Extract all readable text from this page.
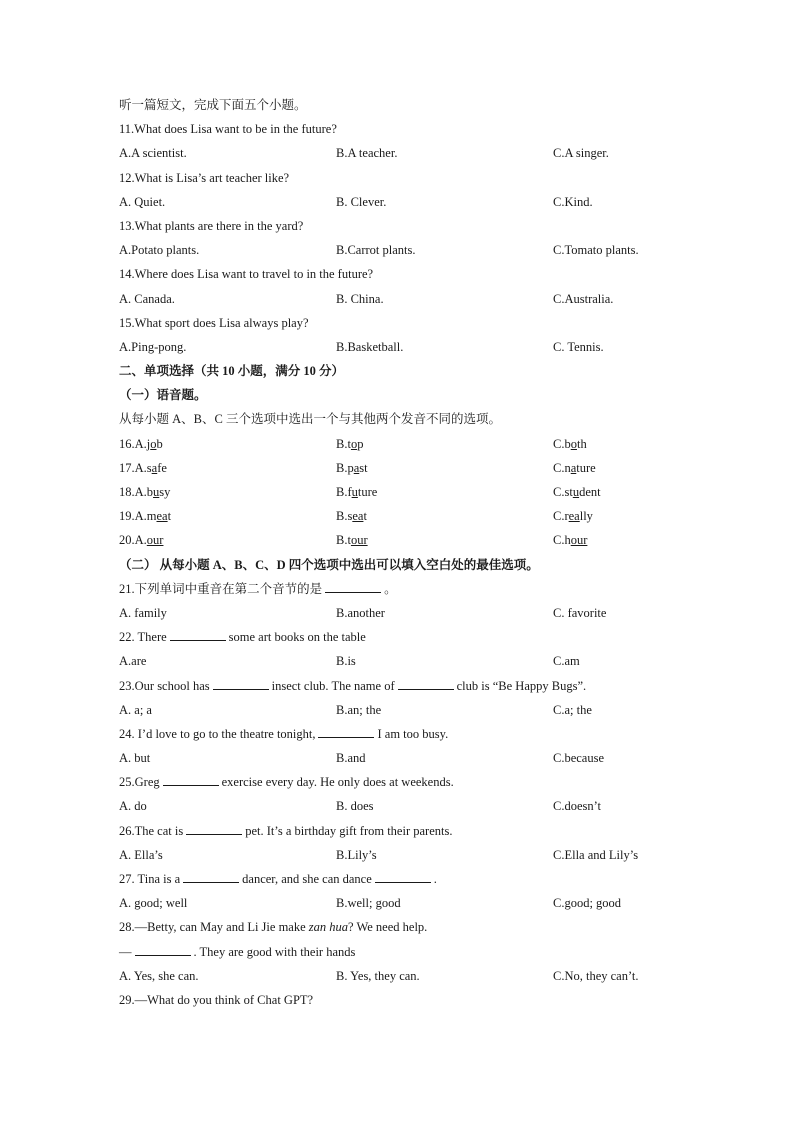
听一篇短文，完成下面五个小题。
11.What does Lisa want to be in the future?
A.A scientist.	B.A teacher.	C.A singer.
12.What is Lisa’s art teacher like?
A. Quiet.	B. Clever.	C.Kind.
13.What plants are there in the yard?
A.Potato plants.	B.Carrot plants.	C.Tomato plants.
14.Where does Lisa want to travel to in the future?
A. Canada.	B. China.	C.Australia.
15.What sport does Lisa always play?
A.Ping-pong.	B.Basketball.	C. Tennis.
二、单项选择（共 10 小题，满分 10 分）
（一）语音题。
从每小题 A、B、C 三个选项中选出一个与其他两个发音不同的选项。
16.A.job	B.top	C.both
17.A.safe	B.past	C.nature
18.A.busy	B.future	C.student
19.A.meat	B.seat	C.really
20.A.our	B.tour	C.hour
（二） 从每小题 A、B、C、D 四个选项中选出可以填入空白处的最佳选项。
21.下列单词中重音在第二个音节的是	。
A. family	B.another	C. favorite
22. There	some art books on the table
A.are	B.is	C.am
23.Our school has	insect club. The name of	club is “Be Happy Bugs”.
A. a; a	B.an; the	C.a; the
24. I’d love to go to the theatre tonight,	I am too busy.
A. but	B.and	C.because
25.Greg	exercise every day. He only does at weekends.
A. do	B. does	C.doesn’t
26.The cat is	pet. It’s a birthday gift from their parents.
A. Ella’s	B.Lily’s	C.Ella and Lily’s
27. Tina is a	dancer, and she can dance	.
A. good; well	B.well; good	C.good; good
28.—Betty, can May and Li Jie make zan hua? We need help.
—	. They are good with their hands
A. Yes, she can.	B. Yes, they can.	C.No, they can’t.
29.—What do you think of Chat GPT?
